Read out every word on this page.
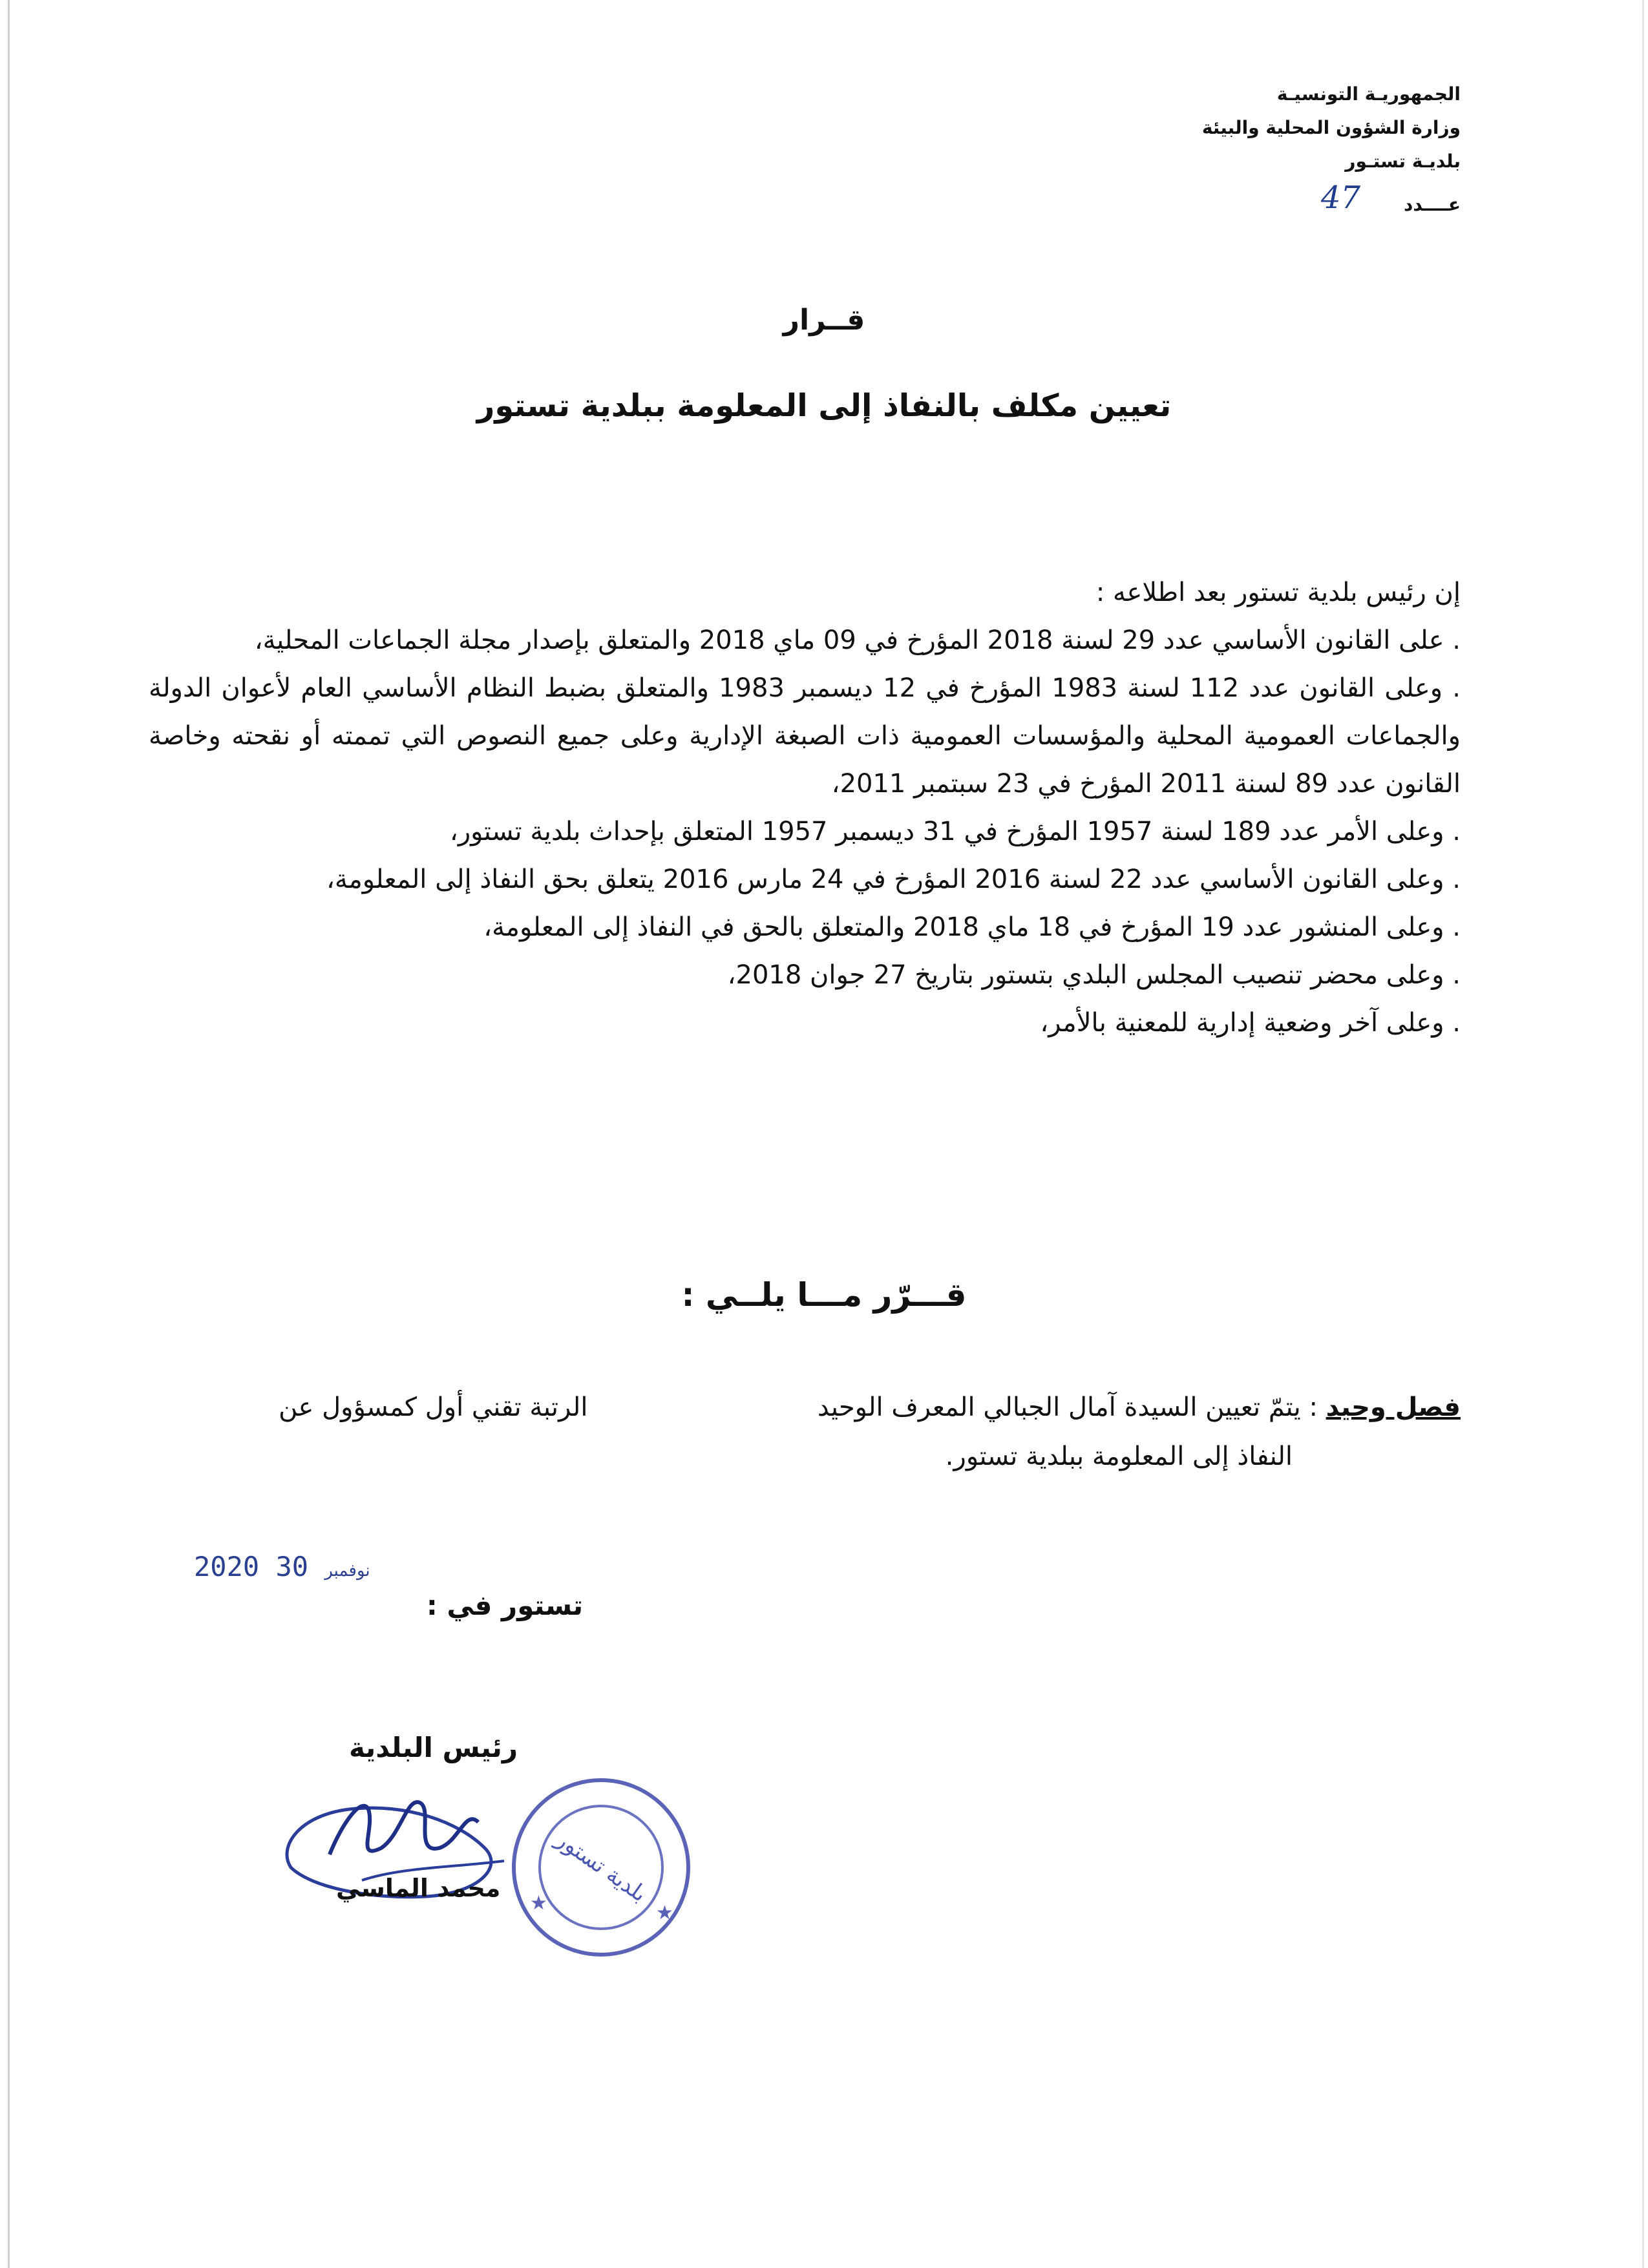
الجمهوريـة التونسيـة
وزارة الشؤون المحلية والبيئة
بلديـة تستـور
عــــدد
47
قــرار
تعيين مكلف بالنفاذ إلى المعلومة ببلدية تستور

إن رئيس بلدية تستور بعد اطلاعه :

. على القانون الأساسي عدد 29 لسنة 2018 المؤرخ في 09 ماي 2018 والمتعلق بإصدار مجلة الجماعات المحلية،

. وعلى القانون عدد 112 لسنة 1983 المؤرخ في 12 ديسمبر 1983 والمتعلق بضبط النظام الأساسي العام لأعوان الدولة والجماعات العمومية المحلية والمؤسسات العمومية ذات الصبغة الإدارية وعلى جميع النصوص التي تممته أو نقحته وخاصة القانون عدد 89 لسنة 2011 المؤرخ في 23 سبتمبر 2011،

. وعلى الأمر عدد 189 لسنة 1957 المؤرخ في 31 ديسمبر 1957 المتعلق بإحداث بلدية تستور،

. وعلى القانون الأساسي عدد 22 لسنة 2016 المؤرخ في 24 مارس 2016 يتعلق بحق النفاذ إلى المعلومة،

. وعلى المنشور عدد 19 المؤرخ في 18 ماي 2018 والمتعلق بالحق في النفاذ إلى المعلومة،

. وعلى محضر تنصيب المجلس البلدي بتستور بتاريخ 27 جوان 2018،

. وعلى آخر وضعية إدارية للمعنية بالأمر،

قـــرّر مـــا يلــي :
فصل وحيد : يتمّ تعيين السيدة آمال الجبالي المعرف الوحيد  الرتبة تقني أول كمسؤول عن
النفاذ إلى المعلومة ببلدية تستور.
2020	نوفمبر 30
تستور في :
رئيس البلدية
بلدية تستور
★	★
محمد الماسي
